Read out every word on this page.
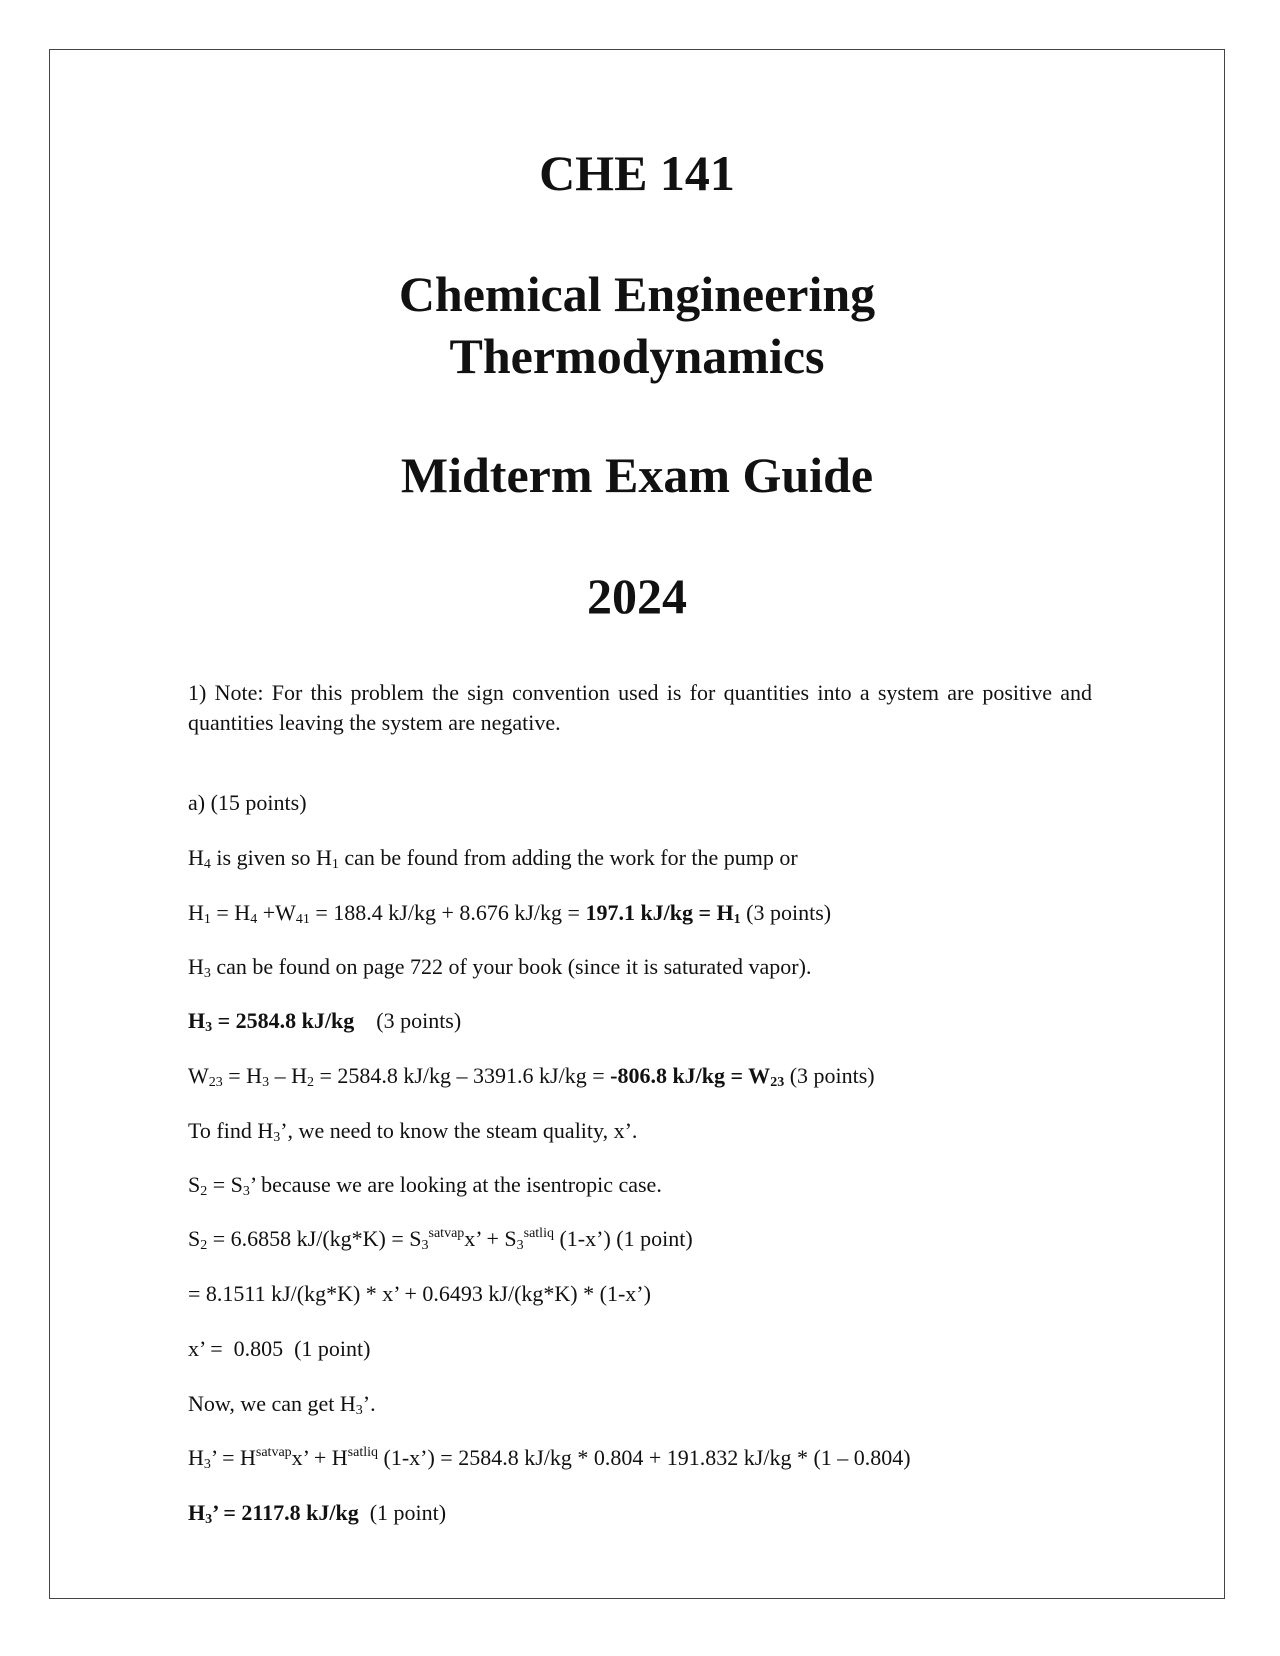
CHE 141
Chemical Engineering
Thermodynamics
Midterm Exam Guide
2024

1) Note: For this problem the sign convention used is for quantities into a system are positive and quantities leaving the system are negative.

a) (15 points)

$H_4$ is given so $H_1$ can be found from adding the work for the pump or

$H_1 = H_4 +W_{41} = 188.4$ kJ/kg + 8.676 kJ/kg = 197.1 $kJ/kg = H_1$ (3 points)

$H_3$ can be found on page 722 of your book (since it is saturated vapor).

$H_3 = 2584.8$ kJ/kg    (3 points)

$W_{23} = H_3 - H_2 = 2584.8$ kJ/kg – 3391.6 kJ/kg = -806.8 $kJ/kg = W_{23}$ (3 points)

To find $H_3$’, we need to know the steam quality, x’.

$S_2 = S_3$’ because we are looking at the isentropic case.

$S_2 = 6.6858$ $kJ/(kg*K) = S_3^{satvap}x$’ + $S_3^{satliq}$ (1-x’) (1 point)

= 8.1511 kJ/(kg*K) * x’ + 0.6493 kJ/(kg*K) * (1-x’)

x’ =  0.805  (1 point)

Now, we can get $H_3$’.

$H_3$’ = $H^{satvap}x$’ + $H^{satliq}$ (1-x’) = 2584.8 kJ/kg * 0.804 + 191.832 kJ/kg * (1 – 0.804)

$H_3$’ = 2117.8 kJ/kg  (1 point)
